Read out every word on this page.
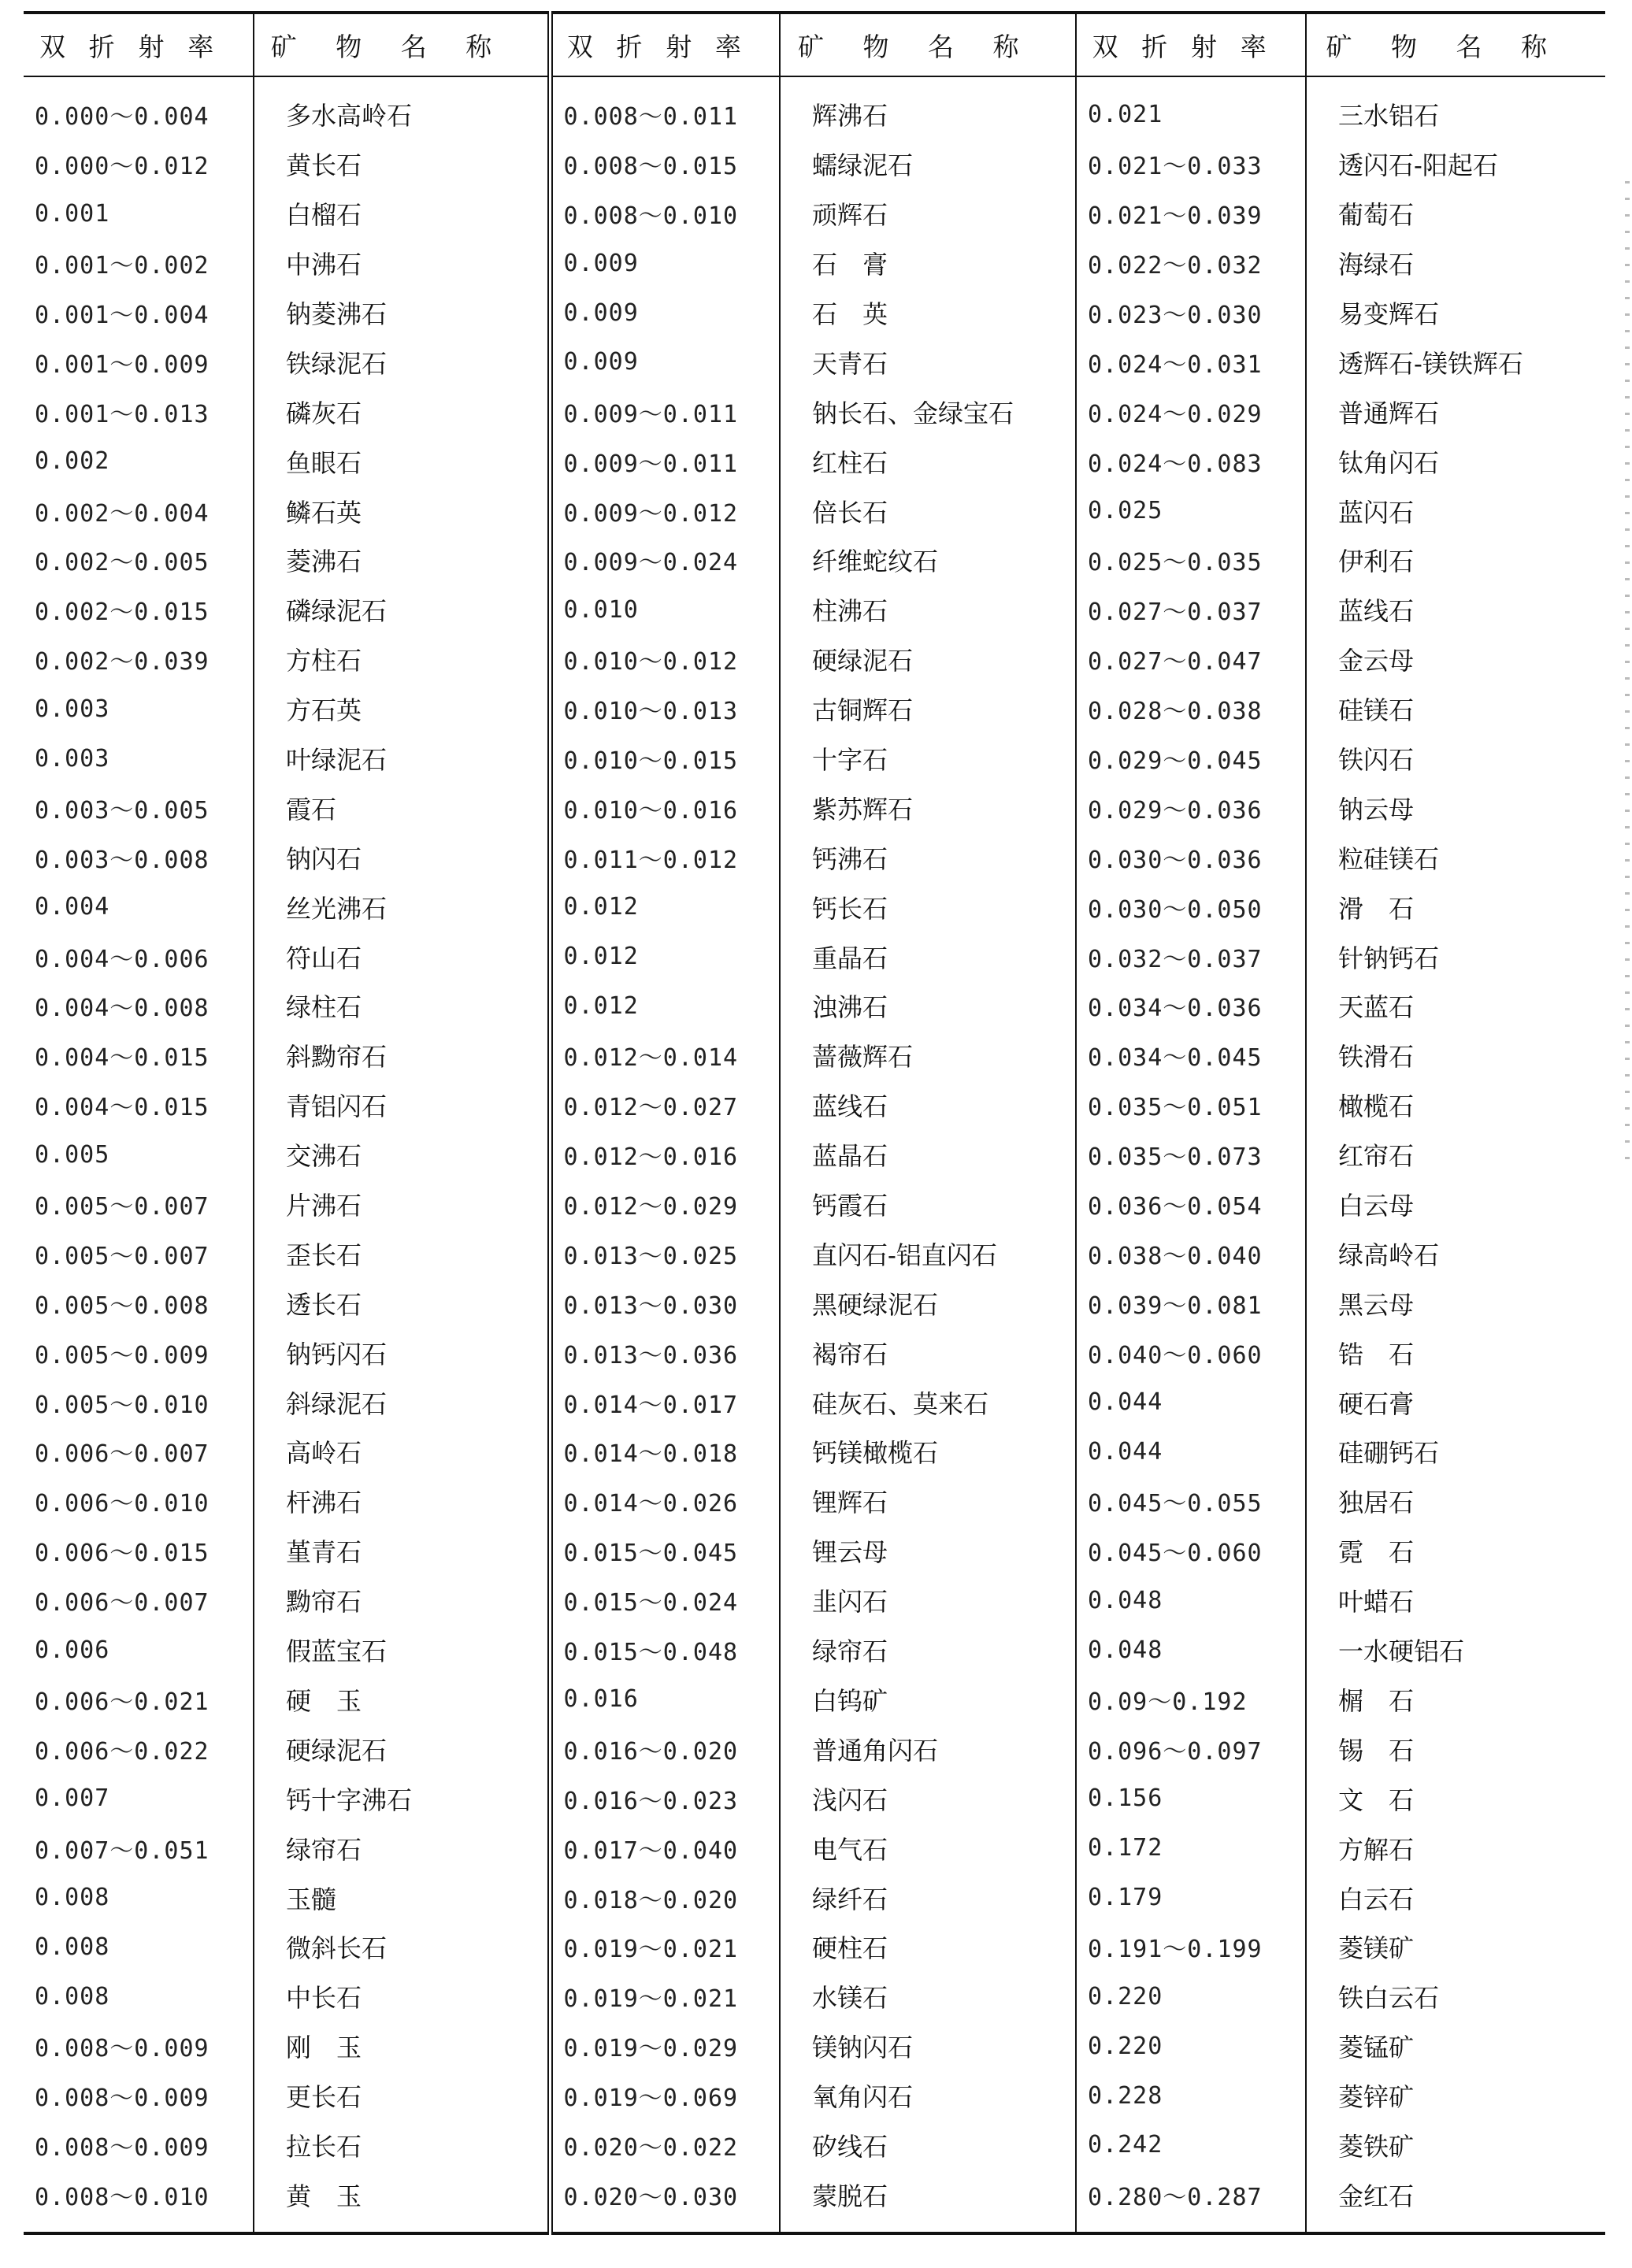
双折射率	矿物名称	双折射率	矿物名称	双折射率	矿物名称
0.000～0.004	多水高岭石	0.008～0.011	辉沸石	0.021	三水铝石
0.000～0.012	黄长石	0.008～0.015	蠕绿泥石	0.021～0.033	透闪石-阳起石
0.001	白榴石	0.008～0.010	顽辉石	0.021～0.039	葡萄石
0.001～0.002	中沸石	0.009	石　膏	0.022～0.032	海绿石
0.001～0.004	钠菱沸石	0.009	石　英	0.023～0.030	易变辉石
0.001～0.009	铁绿泥石	0.009	天青石	0.024～0.031	透辉石-镁铁辉石
0.001～0.013	磷灰石	0.009～0.011	钠长石、金绿宝石	0.024～0.029	普通辉石
0.002	鱼眼石	0.009～0.011	红柱石	0.024～0.083	钛角闪石
0.002～0.004	鳞石英	0.009～0.012	倍长石	0.025	蓝闪石
0.002～0.005	菱沸石	0.009～0.024	纤维蛇纹石	0.025～0.035	伊利石
0.002～0.015	磷绿泥石	0.010	柱沸石	0.027～0.037	蓝线石
0.002～0.039	方柱石	0.010～0.012	硬绿泥石	0.027～0.047	金云母
0.003	方石英	0.010～0.013	古铜辉石	0.028～0.038	硅镁石
0.003	叶绿泥石	0.010～0.015	十字石	0.029～0.045	铁闪石
0.003～0.005	霞石	0.010～0.016	紫苏辉石	0.029～0.036	钠云母
0.003～0.008	钠闪石	0.011～0.012	钙沸石	0.030～0.036	粒硅镁石
0.004	丝光沸石	0.012	钙长石	0.030～0.050	滑　石
0.004～0.006	符山石	0.012	重晶石	0.032～0.037	针钠钙石
0.004～0.008	绿柱石	0.012	浊沸石	0.034～0.036	天蓝石
0.004～0.015	斜黝帘石	0.012～0.014	蔷薇辉石	0.034～0.045	铁滑石
0.004～0.015	青铝闪石	0.012～0.027	蓝线石	0.035～0.051	橄榄石
0.005	交沸石	0.012～0.016	蓝晶石	0.035～0.073	红帘石
0.005～0.007	片沸石	0.012～0.029	钙霞石	0.036～0.054	白云母
0.005～0.007	歪长石	0.013～0.025	直闪石-铝直闪石	0.038～0.040	绿高岭石
0.005～0.008	透长石	0.013～0.030	黑硬绿泥石	0.039～0.081	黑云母
0.005～0.009	钠钙闪石	0.013～0.036	褐帘石	0.040～0.060	锆　石
0.005～0.010	斜绿泥石	0.014～0.017	硅灰石、莫来石	0.044	硬石膏
0.006～0.007	高岭石	0.014～0.018	钙镁橄榄石	0.044	硅硼钙石
0.006～0.010	杆沸石	0.014～0.026	锂辉石	0.045～0.055	独居石
0.006～0.015	堇青石	0.015～0.045	锂云母	0.045～0.060	霓　石
0.006～0.007	黝帘石	0.015～0.024	韭闪石	0.048	叶蜡石
0.006	假蓝宝石	0.015～0.048	绿帘石	0.048	一水硬铝石
0.006～0.021	硬　玉	0.016	白钨矿	0.09～0.192	榍　石
0.006～0.022	硬绿泥石	0.016～0.020	普通角闪石	0.096～0.097	锡　石
0.007	钙十字沸石	0.016～0.023	浅闪石	0.156	文　石
0.007～0.051	绿帘石	0.017～0.040	电气石	0.172	方解石
0.008	玉髓	0.018～0.020	绿纤石	0.179	白云石
0.008	微斜长石	0.019～0.021	硬柱石	0.191～0.199	菱镁矿
0.008	中长石	0.019～0.021	水镁石	0.220	铁白云石
0.008～0.009	刚　玉	0.019～0.029	镁钠闪石	0.220	菱锰矿
0.008～0.009	更长石	0.019～0.069	氧角闪石	0.228	菱锌矿
0.008～0.009	拉长石	0.020～0.022	矽线石	0.242	菱铁矿
0.008～0.010	黄　玉	0.020～0.030	蒙脱石	0.280～0.287	金红石
